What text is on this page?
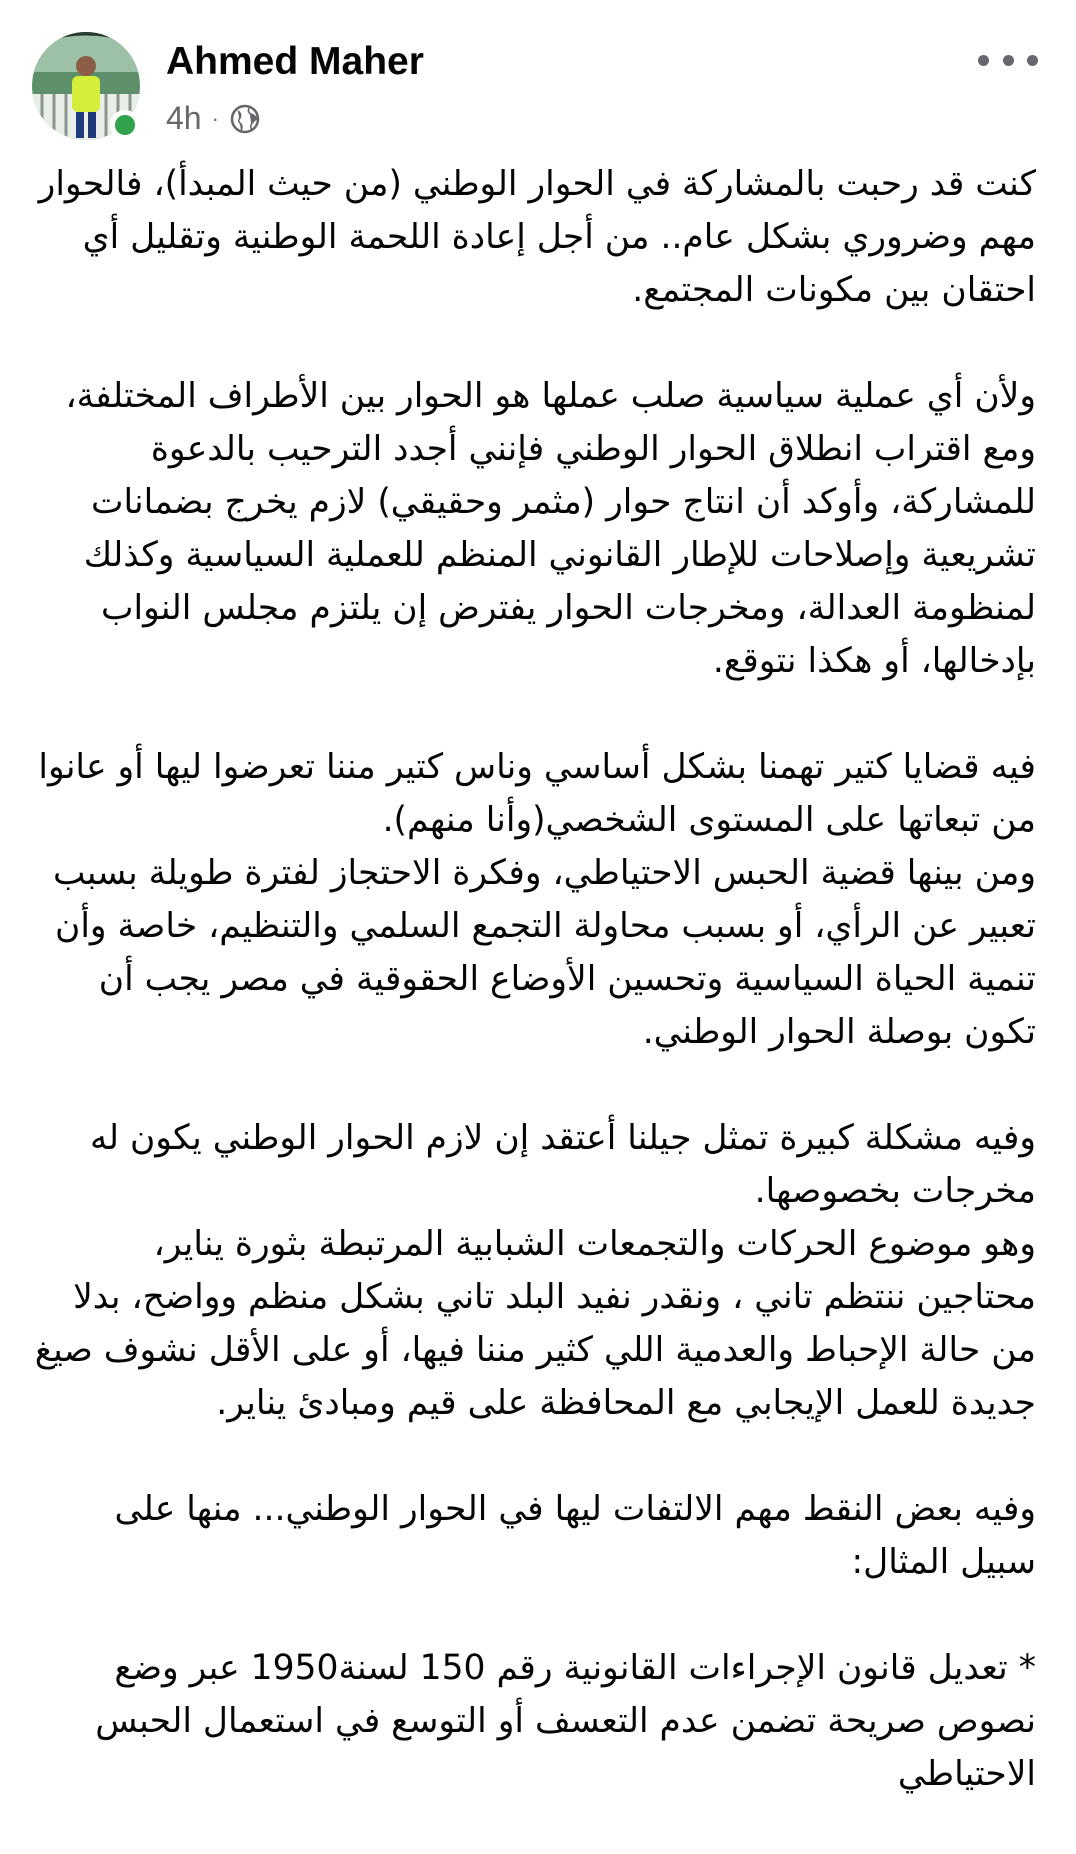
Ahmed Maher
4h ·

كنت قد رحبت بالمشاركة في الحوار الوطني (من حيث المبدأ)، فالحوار مهم وضروري بشكل عام.. من أجل إعادة اللحمة الوطنية وتقليل أي احتقان بين مكونات المجتمع.

ولأن أي عملية سياسية صلب عملها هو الحوار بين الأطراف المختلفة، ومع اقتراب انطلاق الحوار الوطني فإنني أجدد الترحيب بالدعوة للمشاركة، وأوكد أن انتاج حوار (مثمر وحقيقي) لازم يخرج بضمانات تشريعية وإصلاحات للإطار القانوني المنظم للعملية السياسية وكذلك لمنظومة العدالة، ومخرجات الحوار يفترض إن يلتزم مجلس النواب بإدخالها، أو هكذا نتوقع.

فيه قضايا كتير تهمنا بشكل أساسي وناس كتير مننا تعرضوا ليها أو عانوا من تبعاتها على المستوى الشخصي(وأنا منهم).

ومن بينها قضية الحبس الاحتياطي، وفكرة الاحتجاز لفترة طويلة بسبب تعبير عن الرأي، أو بسبب محاولة التجمع السلمي والتنظيم، خاصة وأن تنمية الحياة السياسية وتحسين الأوضاع الحقوقية في مصر يجب أن تكون بوصلة الحوار الوطني.

وفيه مشكلة كبيرة تمثل جيلنا أعتقد إن لازم الحوار الوطني يكون له مخرجات بخصوصها.

وهو موضوع الحركات والتجمعات الشبابية المرتبطة بثورة يناير، محتاجين ننتظم تاني ، ونقدر نفيد البلد تاني بشكل منظم وواضح، بدلا من حالة الإحباط والعدمية اللي كثير مننا فيها، أو على الأقل نشوف صيغ جديدة للعمل الإيجابي مع المحافظة على قيم ومبادئ يناير.

وفيه بعض النقط مهم الالتفات ليها في الحوار الوطني... منها على سبيل المثال:

* تعديل قانون الإجراءات القانونية رقم 150 لسنة1950 عبر وضع نصوص صريحة تضمن عدم التعسف أو التوسع في استعمال الحبس الاحتياطي
